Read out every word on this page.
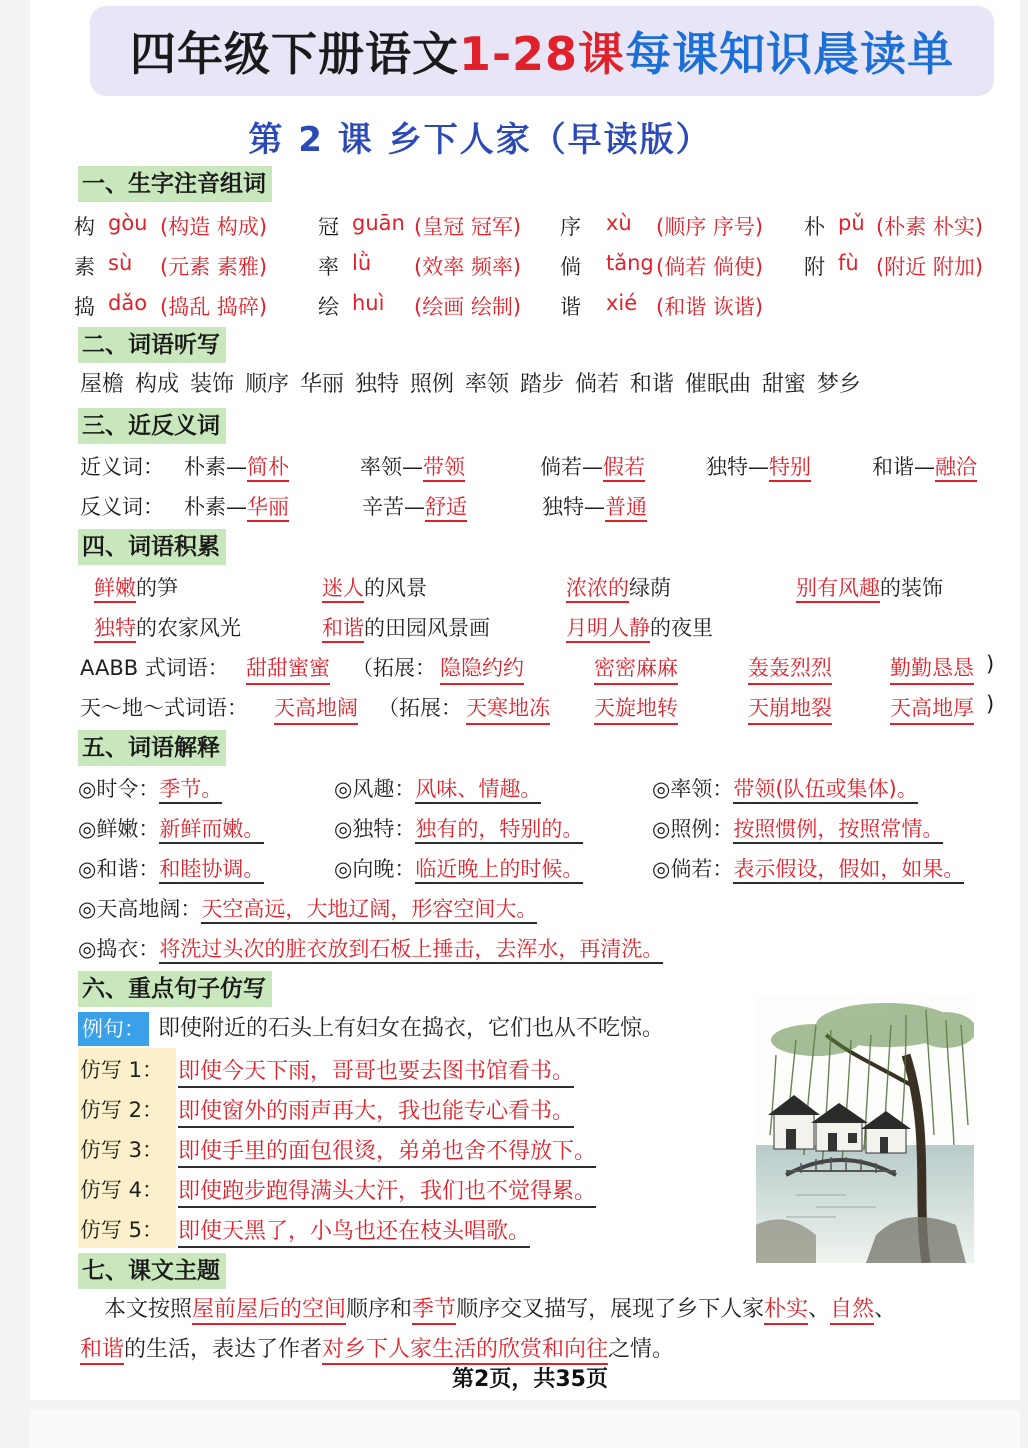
四年级下册语文 1-28课 每课知识晨读单
第 2 课 乡下人家（早读版）
一、生字注音组词
二、词语听写
屋檐 构成 装饰 顺序 华丽 独特 照例 率领 踏步 倘若 和谐 催眠曲 甜蜜 梦乡
三、近反义词
四、词语积累
五、词语解释
六、重点句子仿写
例句： 即使附近的石头上有妇女在捣衣，它们也从不吃惊。
七、课文主题
本文按照屋前屋后的空间顺序和季节顺序交叉描写，展现了乡下人家朴实、自然、
和谐的生活，表达了作者对乡下人家生活的欣赏和向往之情。
第2页，共35页
构 gòu (构造 构成) 冠 guān (皇冠 冠军) 序 xù (顺序 序号) 朴 pǔ (朴素 朴实)
素 sù (元素 素雅) 率 lǜ (效率 频率) 倘 tǎng (倘若 倘使) 附 fù (附近 附加)
捣 dǎo (捣乱 捣碎) 绘 huì (绘画 绘制) 谐 xié (和谐 诙谐)
近义词： 朴素—简朴	率领—带领	倘若—假若	独特—特别	和谐—融洽
反义词： 朴素—华丽	辛苦—舒适	独特—普通
鲜嫩的笋	迷人的风景	浓浓的绿荫	别有风趣的装饰
独特的农家风光	和谐的田园风景画	月明人静的夜里
AABB 式词语： 甜甜蜜蜜 （拓展： 隐隐约约	密密麻麻	轰轰烈烈	勤勤恳恳 )
天～地～式词语： 天高地阔 （拓展： 天寒地冻 天旋地转	天崩地裂	天高地厚 )
◎时令：季节。	◎风趣：风味、情趣。	◎率领：带领(队伍或集体)。
◎鲜嫩：新鲜而嫩。	◎独特：独有的，特别的。	◎照例：按照惯例，按照常情。
◎和谐：和睦协调。	◎向晚：临近晚上的时候。	◎倘若：表示假设，假如，如果。
◎天高地阔：天空高远，大地辽阔，形容空间大。
◎捣衣：将洗过头次的脏衣放到石板上捶击，去浑水，再清洗。
仿写 1： 即使今天下雨，哥哥也要去图书馆看书。
仿写 2： 即使窗外的雨声再大，我也能专心看书。
仿写 3： 即使手里的面包很烫，弟弟也舍不得放下。
仿写 4： 即使跑步跑得满头大汗，我们也不觉得累。
仿写 5： 即使天黑了，小鸟也还在枝头唱歌。
